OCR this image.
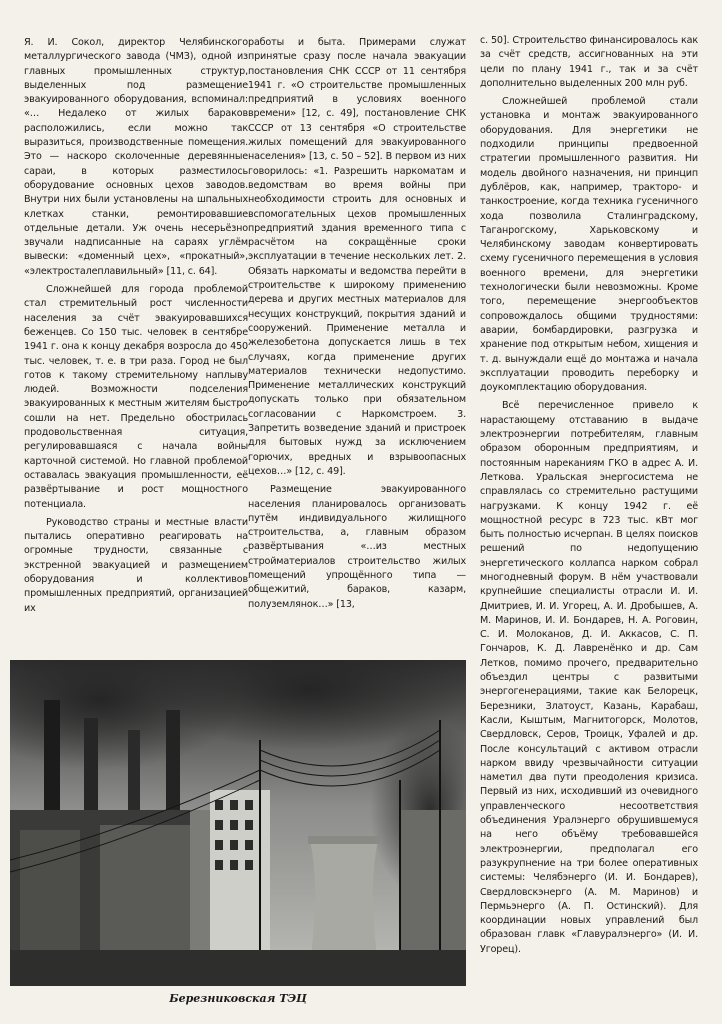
Я. И. Сокол, директор Челябинского металлургического завода (ЧМЗ), одной из главных промышленных структур, выделенных под размещение эвакуированного оборудования, вспоминал: «… Недалеко от жилых бараков расположились, если можно так выразиться, производственные помещения. Это — наскоро сколоченные деревянные сараи, в которых разместилось оборудование основных цехов заводов. Внутри них были установлены на шпальных клетках станки, ремонтировавшие отдельные детали. Уж очень несерьёзно звучали надписанные на сараях углём вывески: «доменный цех», «прокатный», «электросталеплавильный» [11, с. 64].

Сложнейшей для города проблемой стал стремительный рост численности населения за счёт эвакуировавшихся беженцев. Со 150 тыс. человек в сентябре 1941 г. она к концу декабря возросла до 450 тыс. человек, т. е. в три раза. Город не был готов к такому стремительному наплыву людей. Возможности подселения эвакуированных к местным жителям быстро сошли на нет. Предельно обострилась продовольственная ситуация, регулировавшаяся с начала войны карточной системой. Но главной проблемой оставалась эвакуация промышленности, её развёртывание и рост мощностного потенциала.

Руководство страны и местные власти пытались оперативно реагировать на огромные трудности, связанные с экстренной эвакуацией и размещением оборудования и коллективов промышленных предприятий, организацией их

работы и быта. Примерами служат принятые сразу после начала эвакуации постановления СНК СССР от 11 сентября 1941 г. «О строительстве промышленных предприятий в условиях военного времени» [12, с. 49], постановление СНК СССР от 13 сентября «О строительстве жилых помещений для эвакуированного населения» [13, с. 50 – 52]. В первом из них говорилось: «1. Разрешить наркоматам и ведомствам во время войны при необходимости строить для основных и вспомогательных цехов промышленных предприятий здания временного типа с расчётом на сокращённые сроки эксплуатации в течение нескольких лет. 2. Обязать наркоматы и ведомства перейти в строительстве к широкому применению дерева и других местных материалов для несущих конструкций, покрытия зданий и сооружений. Применение металла и железобетона допускается лишь в тех случаях, когда применение других материалов технически недопустимо. Применение металлических конструкций допускать только при обязательном согласовании с Наркомстроем. 3. Запретить возведение зданий и пристроек для бытовых нужд за исключением горючих, вредных и взрывоопасных цехов…» [12, с. 49].

Размещение эвакуированного населения планировалось организовать путём индивидуального жилищного строительства, а, главным образом развёртывания «…из местных стройматериалов строительство жилых помещений упрощённого типа — общежитий, бараков, казарм, полуземлянок…» [13,

с. 50]. Строительство финансировалось как за счёт средств, ассигнованных на эти цели по плану 1941 г., так и за счёт дополнительно выделенных 200 млн руб.

Сложнейшей проблемой стали установка и монтаж эвакуированного оборудования. Для энергетики не подходили принципы предвоенной стратегии промышленного развития. Ни модель двойного назначения, ни принцип дублёров, как, например, тракторо- и танкостроение, когда техника гусеничного хода позволила Сталинградскому, Таганрогскому, Харьковскому и Челябинскому заводам конвертировать схему гусеничного перемещения в условия военного времени, для энергетики технологически были невозможны. Кроме того, перемещение энергообъектов сопровождалось общими трудностями: аварии, бомбардировки, разгрузка и хранение под открытым небом, хищения и т. д. вынуждали ещё до монтажа и начала эксплуатации проводить переборку и доукомплектацию оборудования.

Всё перечисленное привело к нарастающему отставанию в выдаче электроэнергии потребителям, главным образом оборонным предприятиям, и постоянным нареканиям ГКО в адрес А. И. Леткова. Уральская энергосистема не справлялась со стремительно растущими нагрузками. К концу 1942 г. её мощностной ресурс в 723 тыс. кВт мог быть полностью исчерпан. В целях поисков решений по недопущению энергетического коллапса нарком собрал многодневный форум. В нём участвовали крупнейшие специалисты отрасли И. И. Дмитриев, И. И. Угорец, А. И. Дробышев, А. М. Маринов, И. И. Бондарев, Н. А. Роговин, С. И. Молоканов, Д. И. Аккасов, С. П. Гончаров, К. Д. Лавренёнко и др. Сам Летков, помимо прочего, предварительно объездил центры с развитыми энергогенерациями, такие как Белорецк, Березники, Златоуст, Казань, Карабаш, Касли, Кыштым, Магнитогорск, Молотов, Свердловск, Серов, Троицк, Уфалей и др. После консультаций с активом отрасли нарком ввиду чрезвычайности ситуации наметил два пути преодоления кризиса. Первый из них, исходивший из очевидного управленческого несоответствия объединения Уралэнерго обрушившемуся на него объёму требовавшейся электроэнергии, предполагал его разукрупнение на три более оперативных системы: Челябэнерго (И. И. Бондарев), Свердловскэнерго (А. М. Маринов) и Пермьэнерго (А. П. Остинский). Для координации новых управлений был образован главк «Главуралэнерго» (И. И. Угорец).

Березниковская ТЭЦ
